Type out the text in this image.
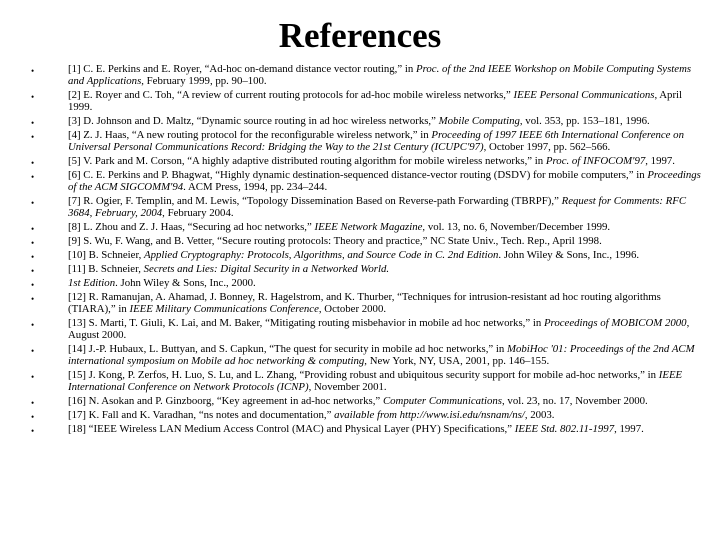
References
•	[1] C. E. Perkins and E. Royer, “Ad-hoc on-demand distance vector routing,” in Proc. of the 2nd IEEE Workshop on Mobile Computing Systems and Applications, February 1999, pp. 90–100.
•	[2] E. Royer and C. Toh, “A review of current routing protocols for ad-hoc mobile wireless networks,” IEEE Personal Communications, April 1999.
•	[3] D. Johnson and D. Maltz, “Dynamic source routing in ad hoc wireless networks,” Mobile Computing, vol. 353, pp. 153–181, 1996.
•	[4] Z. J. Haas, “A new routing protocol for the reconfigurable wireless network,” in Proceeding of 1997 IEEE 6th International Conference on Universal Personal Communications Record: Bridging the Way to the 21st Century (ICUPC'97), October 1997, pp. 562–566.
•	[5] V. Park and M. Corson, “A highly adaptive distributed routing algorithm for mobile wireless networks,” in Proc. of INFOCOM'97, 1997.
•	[6] C. E. Perkins and P. Bhagwat, “Highly dynamic destination-sequenced distance-vector routing (DSDV) for mobile computers,” in Proceedings of the ACM SIGCOMM'94. ACM Press, 1994, pp. 234–244.
•	[7] R. Ogier, F. Templin, and M. Lewis, “Topology Dissemination Based on Reverse-path Forwarding (TBRPF),” Request for Comments: RFC 3684, February, 2004, February 2004.
•	[8] L. Zhou and Z. J. Haas, “Securing ad hoc networks,” IEEE Network Magazine, vol. 13, no. 6, November/December 1999.
•	[9] S. Wu, F. Wang, and B. Vetter, “Secure routing protocols: Theory and practice,” NC State Univ., Tech. Rep., April 1998.
•	[10] B. Schneier, Applied Cryptography: Protocols, Algorithms, and Source Code in C. 2nd Edition. John Wiley & Sons, Inc., 1996.
•	[11] B. Schneier, Secrets and Lies: Digital Security in a Networked World.
•	1st Edition. John Wiley & Sons, Inc., 2000.
•	[12] R. Ramanujan, A. Ahamad, J. Bonney, R. Hagelstrom, and K. Thurber, “Techniques for intrusion-resistant ad hoc routing algorithms (TIARA),” in IEEE Military Communications Conference, October 2000.
•	[13] S. Marti, T. Giuli, K. Lai, and M. Baker, “Mitigating routing misbehavior in mobile ad hoc networks,” in Proceedings of MOBICOM 2000, August 2000.
•	[14] J.-P. Hubaux, L. Buttyan, and S. Capkun, “The quest for security in mobile ad hoc networks,” in MobiHoc '01: Proceedings of the 2nd ACM international symposium on Mobile ad hoc networking & computing, New York, NY, USA, 2001, pp. 146–155.
•	[15] J. Kong, P. Zerfos, H. Luo, S. Lu, and L. Zhang, “Providing robust and ubiquitous security support for mobile ad-hoc networks,” in IEEE International Conference on Network Protocols (ICNP), November 2001.
•	[16] N. Asokan and P. Ginzboorg, “Key agreement in ad-hoc networks,” Computer Communications, vol. 23, no. 17, November 2000.
•	[17] K. Fall and K. Varadhan, “ns notes and documentation,” available from http://www.isi.edu/nsnam/ns/, 2003.
•	[18] “IEEE Wireless LAN Medium Access Control (MAC) and Physical Layer (PHY) Specifications,” IEEE Std. 802.11-1997, 1997.
